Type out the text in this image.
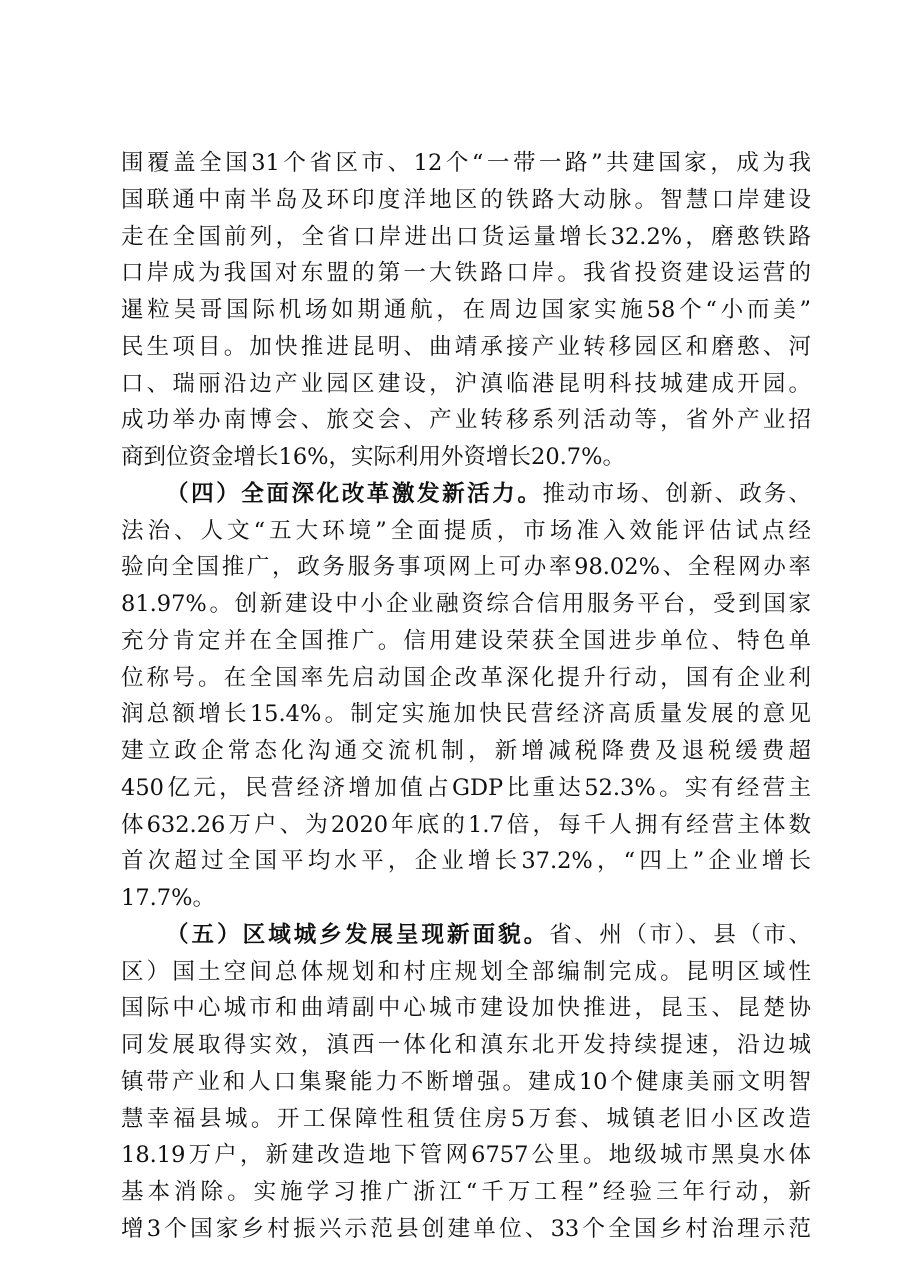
围覆盖全国31个省区市、12个“一带一路”共建国家，成为我
国联通中南半岛及环印度洋地区的铁路大动脉。智慧口岸建设
走在全国前列，全省口岸进出口货运量增长32.2%，磨憨铁路
口岸成为我国对东盟的第一大铁路口岸。我省投资建设运营的
暹粒吴哥国际机场如期通航，在周边国家实施58个“小而美”
民生项目。加快推进昆明、曲靖承接产业转移园区和磨憨、河
口、瑞丽沿边产业园区建设，沪滇临港昆明科技城建成开园。
成功举办南博会、旅交会、产业转移系列活动等，省外产业招
商到位资金增长16%，实际利用外资增长20.7%。
（四）全面深化改革激发新活力。推动市场、创新、政务、
法治、人文“五大环境”全面提质，市场准入效能评估试点经
验向全国推广，政务服务事项网上可办率98.02%、全程网办率
81.97%。创新建设中小企业融资综合信用服务平台，受到国家
充分肯定并在全国推广。信用建设荣获全国进步单位、特色单
位称号。在全国率先启动国企改革深化提升行动，国有企业利
润总额增长15.4%。制定实施加快民营经济高质量发展的意见
建立政企常态化沟通交流机制，新增减税降费及退税缓费超
450亿元，民营经济增加值占GDP比重达52.3%。实有经营主
体632.26万户、为2020年底的1.7倍，每千人拥有经营主体数
首次超过全国平均水平，企业增长37.2%，“四上”企业增长
17.7%。
（五）区域城乡发展呈现新面貌。省、州（市）、县（市、
区）国土空间总体规划和村庄规划全部编制完成。昆明区域性
国际中心城市和曲靖副中心城市建设加快推进，昆玉、昆楚协
同发展取得实效，滇西一体化和滇东北开发持续提速，沿边城
镇带产业和人口集聚能力不断增强。建成10个健康美丽文明智
慧幸福县城。开工保障性租赁住房5万套、城镇老旧小区改造
18.19万户，新建改造地下管网6757公里。地级城市黑臭水体
基本消除。实施学习推广浙江“千万工程”经验三年行动，新
增3个国家乡村振兴示范县创建单位、33个全国乡村治理示范
